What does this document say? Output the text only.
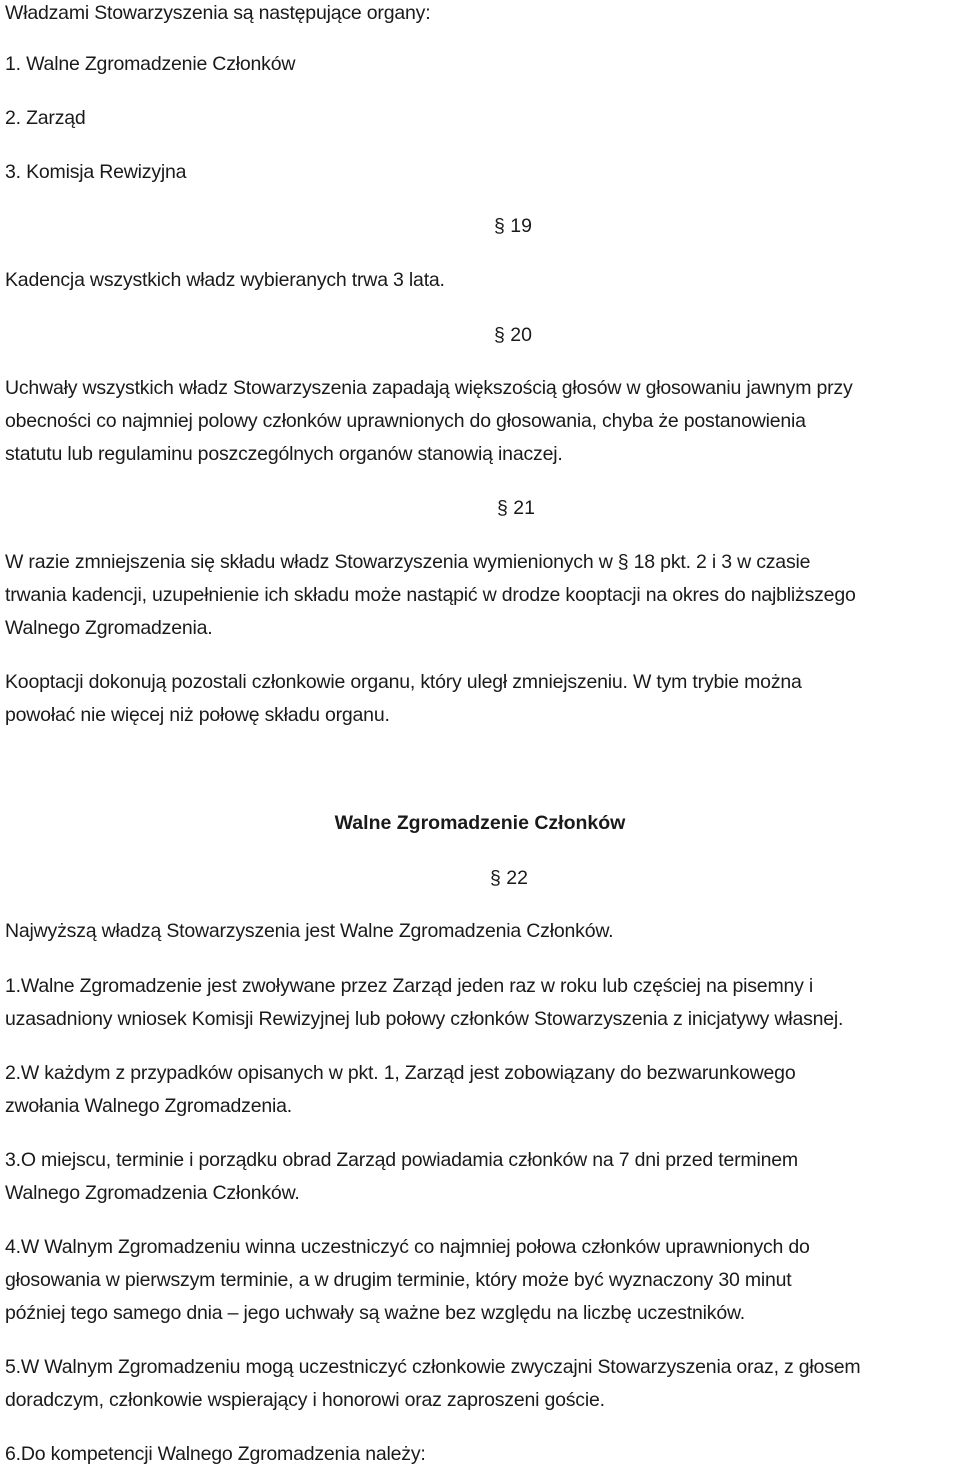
Władzami Stowarzyszenia są następujące organy:
1. Walne Zgromadzenie Członków
2. Zarząd
3. Komisja Rewizyjna
§ 19
Kadencja wszystkich władz wybieranych trwa 3 lata.
§ 20
Uchwały wszystkich władz Stowarzyszenia zapadają większością głosów w głosowaniu jawnym przy
obecności co najmniej polowy członków uprawnionych do głosowania, chyba że postanowienia
statutu lub regulaminu poszczególnych organów stanowią inaczej.
§ 21
W razie zmniejszenia się składu władz Stowarzyszenia wymienionych w § 18 pkt. 2 i 3 w czasie
trwania kadencji, uzupełnienie ich składu może nastąpić w drodze kooptacji na okres do najbliższego
Walnego Zgromadzenia.
Kooptacji dokonują pozostali członkowie organu, który uległ zmniejszeniu. W tym trybie można
powołać nie więcej niż połowę składu organu.
Walne Zgromadzenie Członków
§ 22
Najwyższą władzą Stowarzyszenia jest Walne Zgromadzenia Członków.
1.Walne Zgromadzenie jest zwoływane przez Zarząd jeden raz w roku lub częściej na pisemny i
uzasadniony wniosek Komisji Rewizyjnej lub połowy członków Stowarzyszenia z inicjatywy własnej.
2.W każdym z przypadków opisanych w pkt. 1, Zarząd jest zobowiązany do bezwarunkowego
zwołania Walnego Zgromadzenia.
3.O miejscu, terminie i porządku obrad Zarząd powiadamia członków na 7 dni przed terminem
Walnego Zgromadzenia Członków.
4.W Walnym Zgromadzeniu winna uczestniczyć co najmniej połowa członków uprawnionych do
głosowania w pierwszym terminie, a w drugim terminie, który może być wyznaczony 30 minut
później tego samego dnia – jego uchwały są ważne bez względu na liczbę uczestników.
5.W Walnym Zgromadzeniu mogą uczestniczyć członkowie zwyczajni Stowarzyszenia oraz, z głosem
doradczym, członkowie wspierający i honorowi oraz zaproszeni goście.
6.Do kompetencji Walnego Zgromadzenia należy:
